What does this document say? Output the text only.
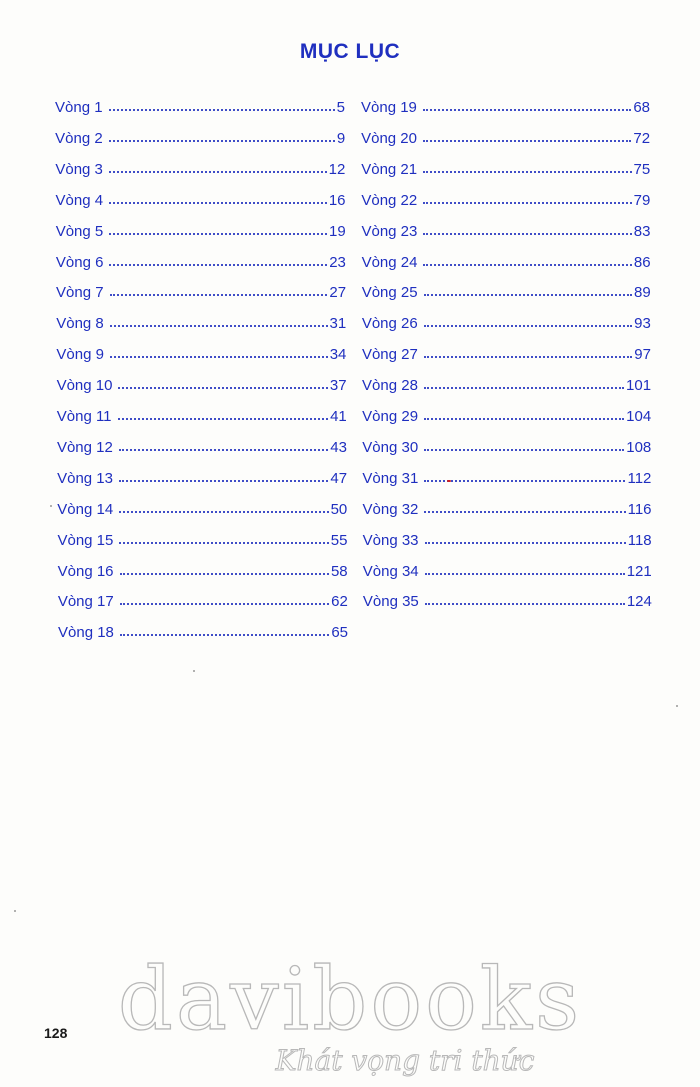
MỤC LỤC
Vòng 1	5
Vòng 2	9
Vòng 3	12
Vòng 4	16
Vòng 5	19
Vòng 6	23
Vòng 7	27
Vòng 8	31
Vòng 9	34
Vòng 10	37
Vòng 11	41
Vòng 12	43
Vòng 13	47
Vòng 14	50
Vòng 15	55
Vòng 16	58
Vòng 17	62
Vòng 18	65
Vòng 19	68
Vòng 20	72
Vòng 21	75
Vòng 22	79
Vòng 23	83
Vòng 24	86
Vòng 25	89
Vòng 26	93
Vòng 27	97
Vòng 28	101
Vòng 29	104
Vòng 30	108
Vòng 31	112
Vòng 32	116
Vòng 33	118
Vòng 34	121
Vòng 35	124
128 davibooks
Khát vọng tri thức
